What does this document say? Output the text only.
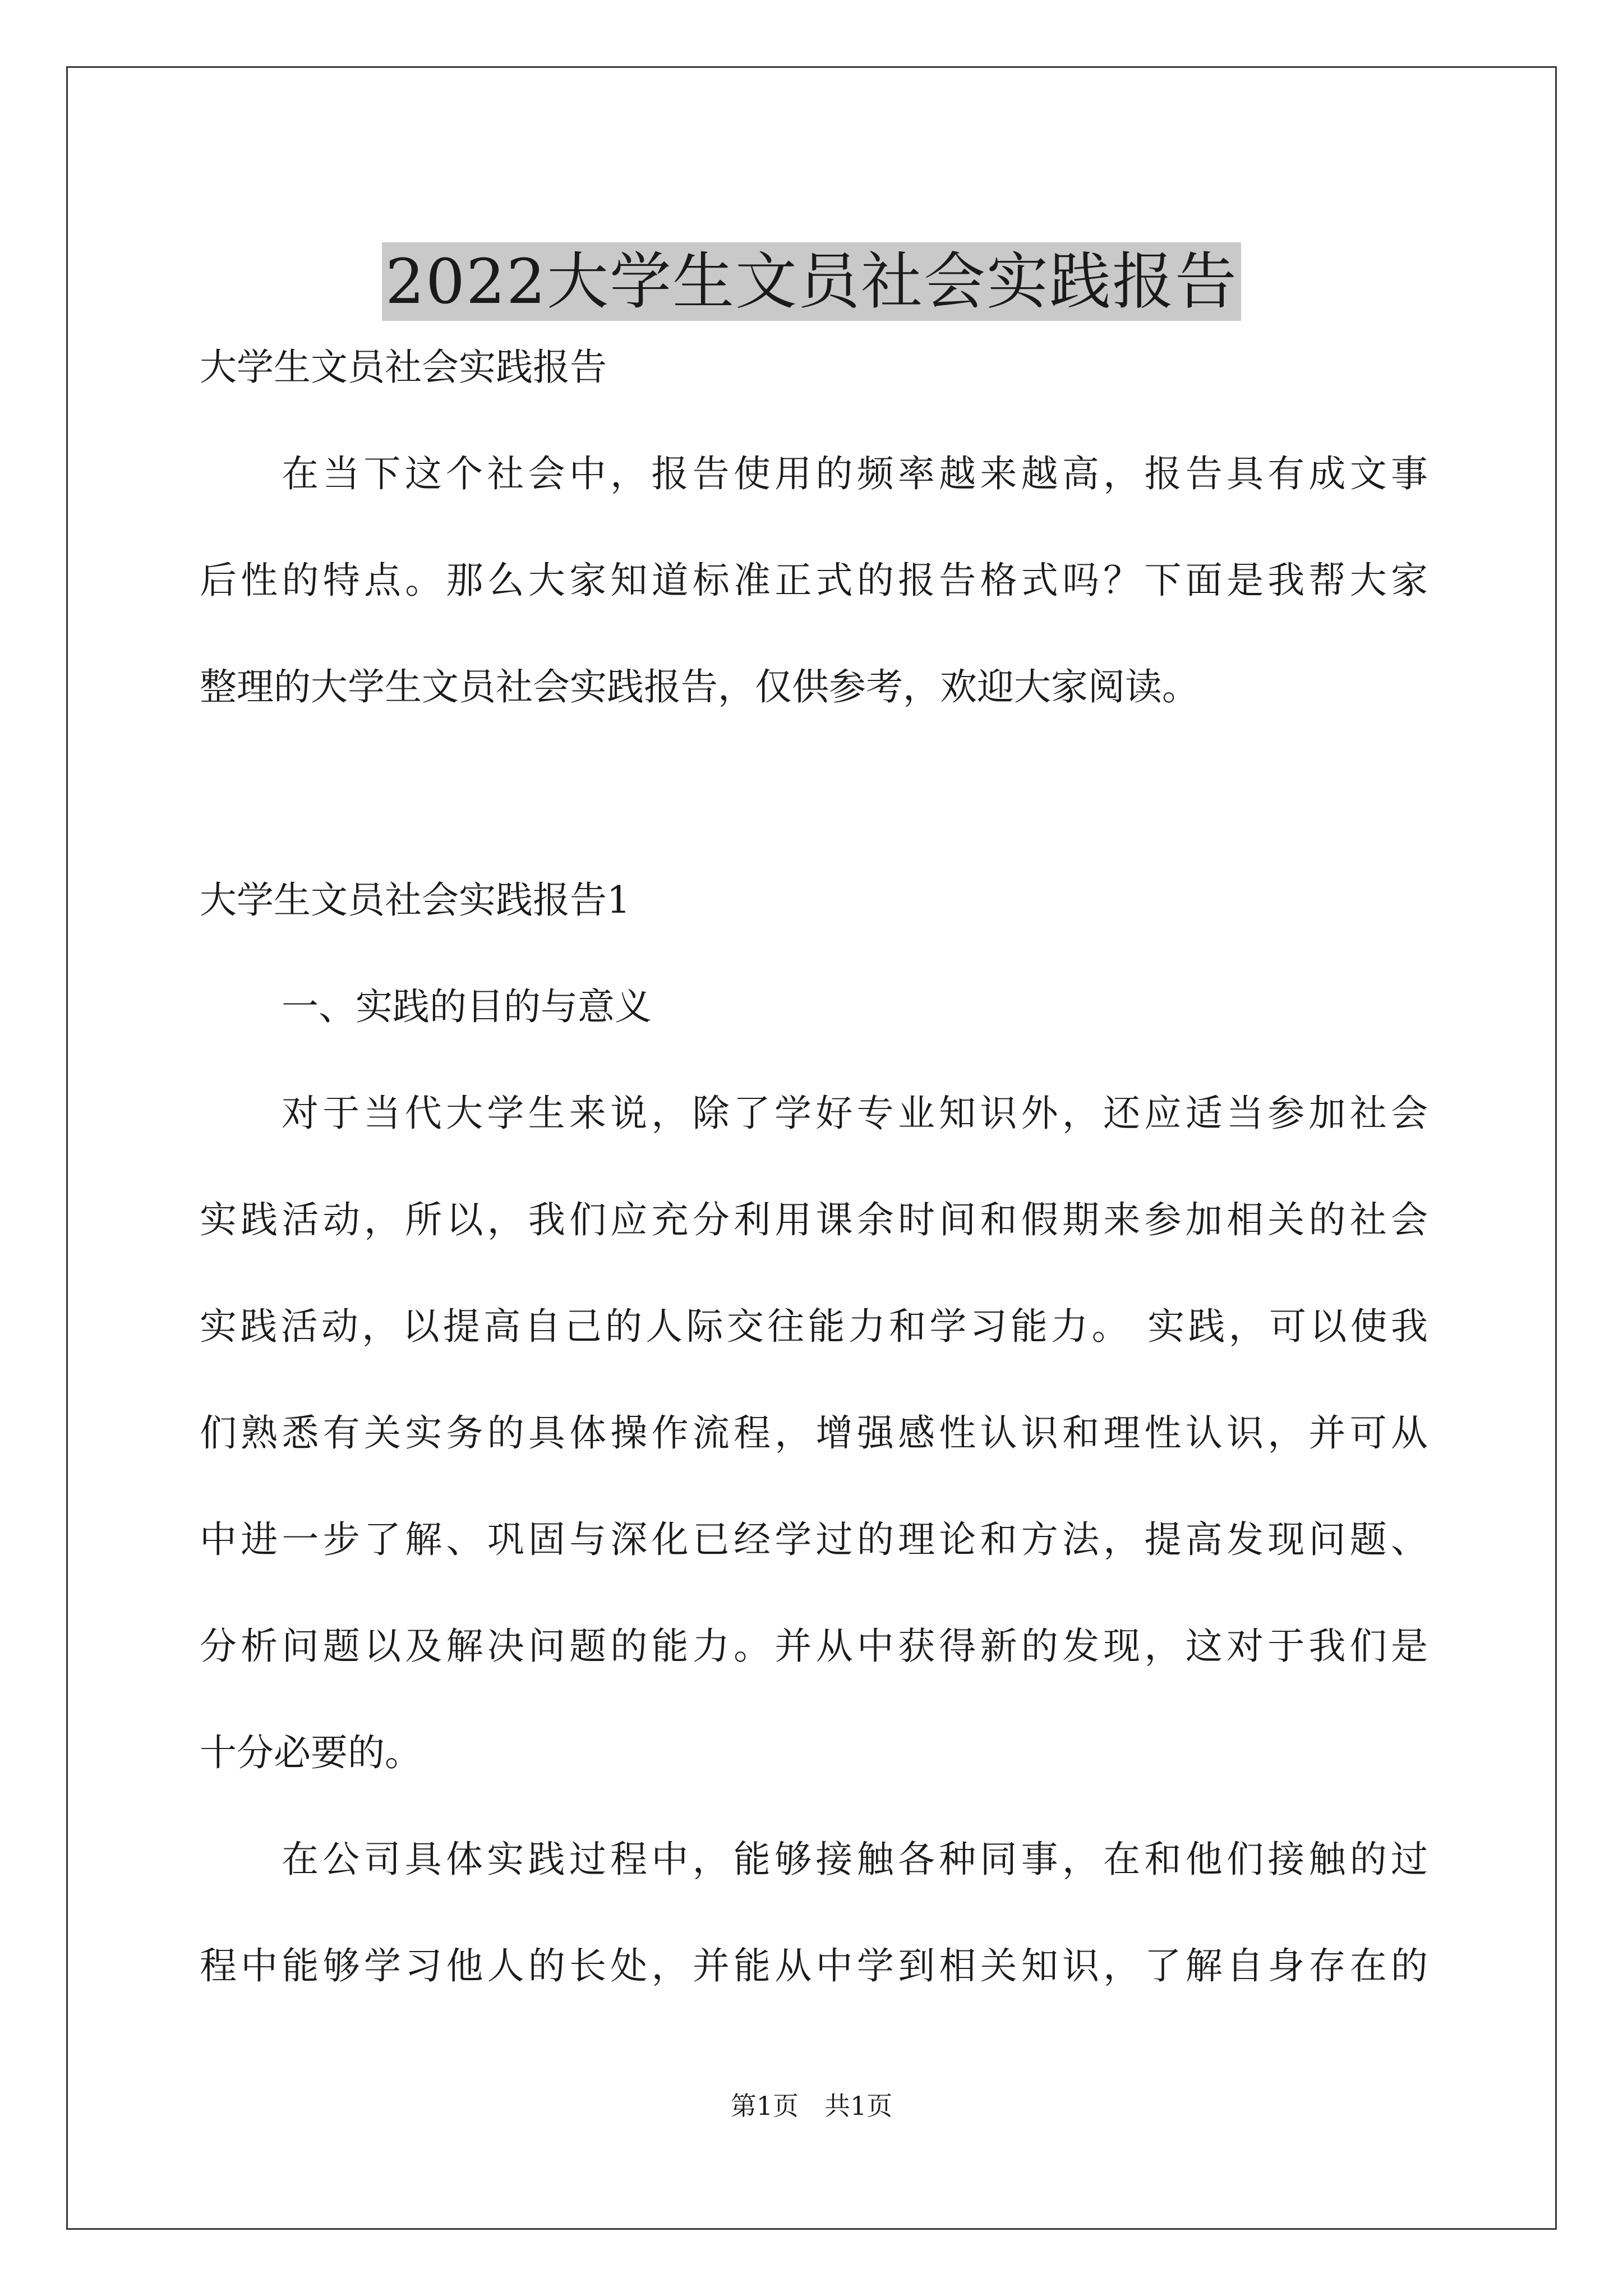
2022大学生文员社会实践报告
大学生文员社会实践报告
在当下这个社会中，报告使用的频率越来越高，报告具有成文事
后性的特点。那么大家知道标准正式的报告格式吗？下面是我帮大家
整理的大学生文员社会实践报告，仅供参考，欢迎大家阅读。
大学生文员社会实践报告1
一、实践的目的与意义
对于当代大学生来说，除了学好专业知识外，还应适当参加社会
实践活动，所以，我们应充分利用课余时间和假期来参加相关的社会
实践活动，以提高自己的人际交往能力和学习能力。 实践，可以使我
们熟悉有关实务的具体操作流程，增强感性认识和理性认识，并可从
中进一步了解、巩固与深化已经学过的理论和方法，提高发现问题、
分析问题以及解决问题的能力。并从中获得新的发现，这对于我们是
十分必要的。
在公司具体实践过程中，能够接触各种同事，在和他们接触的过
程中能够学习他人的长处，并能从中学到相关知识，了解自身存在的
第1页　共1页
